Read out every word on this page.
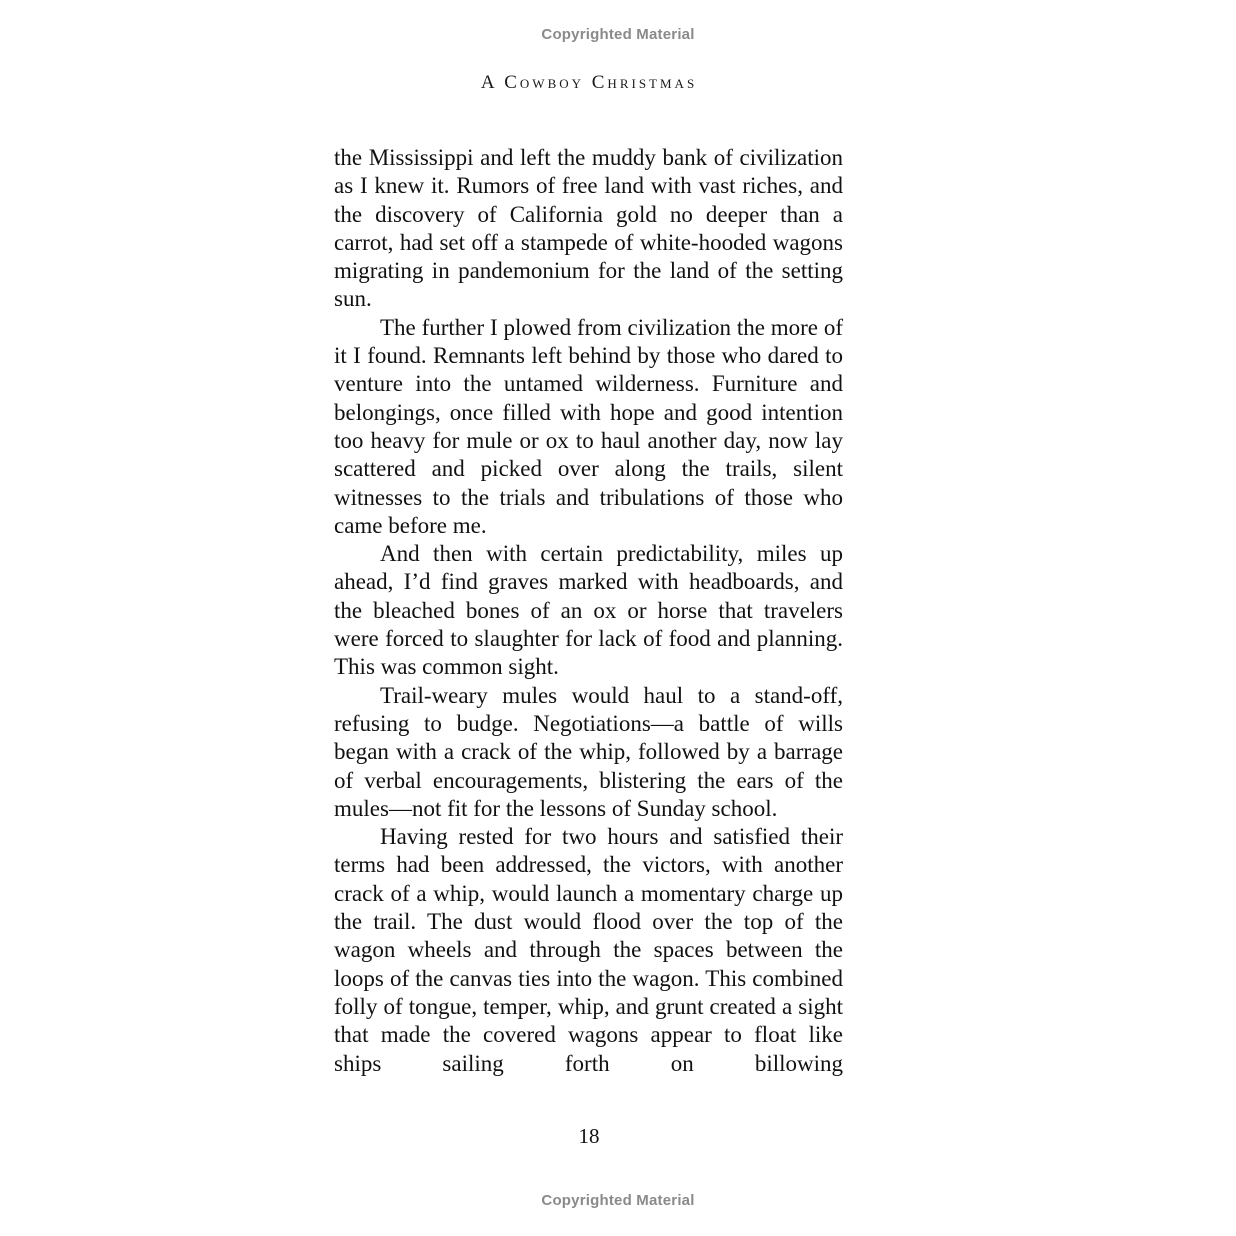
Copyrighted Material
A Cowboy Christmas

the Mississippi and left the muddy bank of civilization as I knew it. Rumors of free land with vast riches, and the discovery of California gold no deeper than a carrot, had set off a stampede of white-hooded wagons migrating in pandemonium for the land of the setting sun.

The further I plowed from civilization the more of it I found. Remnants left behind by those who dared to venture into the untamed wilderness. Furniture and belongings, once filled with hope and good intention too heavy for mule or ox to haul another day, now lay scattered and picked over along the trails, silent witnesses to the trials and tribulations of those who came before me.

And then with certain predictability, miles up ahead, I’d find graves marked with headboards, and the bleached bones of an ox or horse that travelers were forced to slaughter for lack of food and planning. This was common sight.

Trail-weary mules would haul to a stand-off, refusing to budge. Negotiations—a battle of wills began with a crack of the whip, followed by a barrage of verbal encouragements, blistering the ears of the mules—not fit for the lessons of Sunday school.

Having rested for two hours and satisfied their terms had been addressed, the victors, with another crack of a whip, would launch a momentary charge up the trail. The dust would flood over the top of the wagon wheels and through the spaces between the loops of the canvas ties into the wagon. This combined folly of tongue, temper, whip, and grunt created a sight that made the covered wagons appear to float like ships sailing forth on billowing

18
Copyrighted Material
